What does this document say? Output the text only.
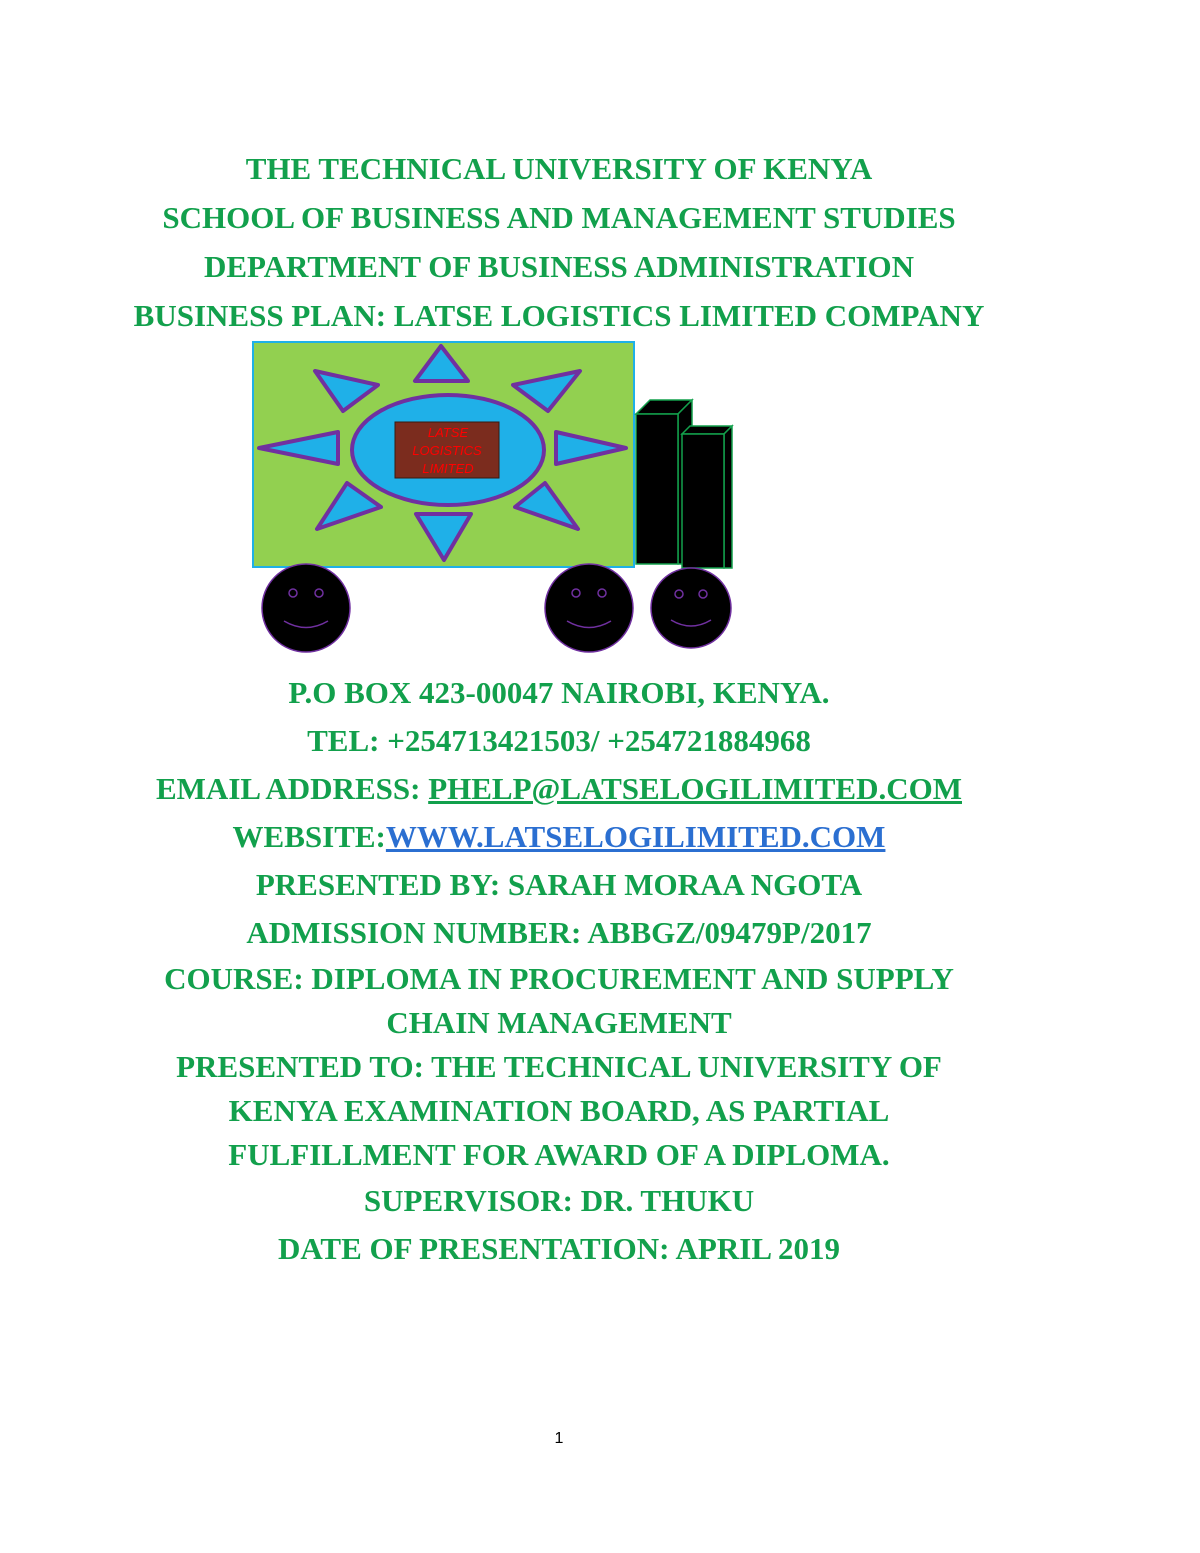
THE TECHNICAL UNIVERSITY OF KENYA
SCHOOL OF BUSINESS AND MANAGEMENT STUDIES
DEPARTMENT OF BUSINESS ADMINISTRATION
BUSINESS PLAN: LATSE LOGISTICS LIMITED COMPANY
LATSE
LOGISTICS
LIMITED
P.O BOX 423-00047 NAIROBI, KENYA.
TEL: +254713421503/ +254721884968
EMAIL ADDRESS: PHELP@LATSELOGILIMITED.COM
WEBSITE:WWW.LATSELOGILIMITED.COM
PRESENTED BY: SARAH MORAA NGOTA
ADMISSION NUMBER: ABBGZ/09479P/2017
COURSE: DIPLOMA IN PROCUREMENT AND SUPPLY
CHAIN MANAGEMENT
PRESENTED TO: THE TECHNICAL UNIVERSITY OF
KENYA EXAMINATION BOARD, AS PARTIAL
FULFILLMENT FOR AWARD OF A DIPLOMA.
SUPERVISOR: DR. THUKU
DATE OF PRESENTATION: APRIL 2019
1
